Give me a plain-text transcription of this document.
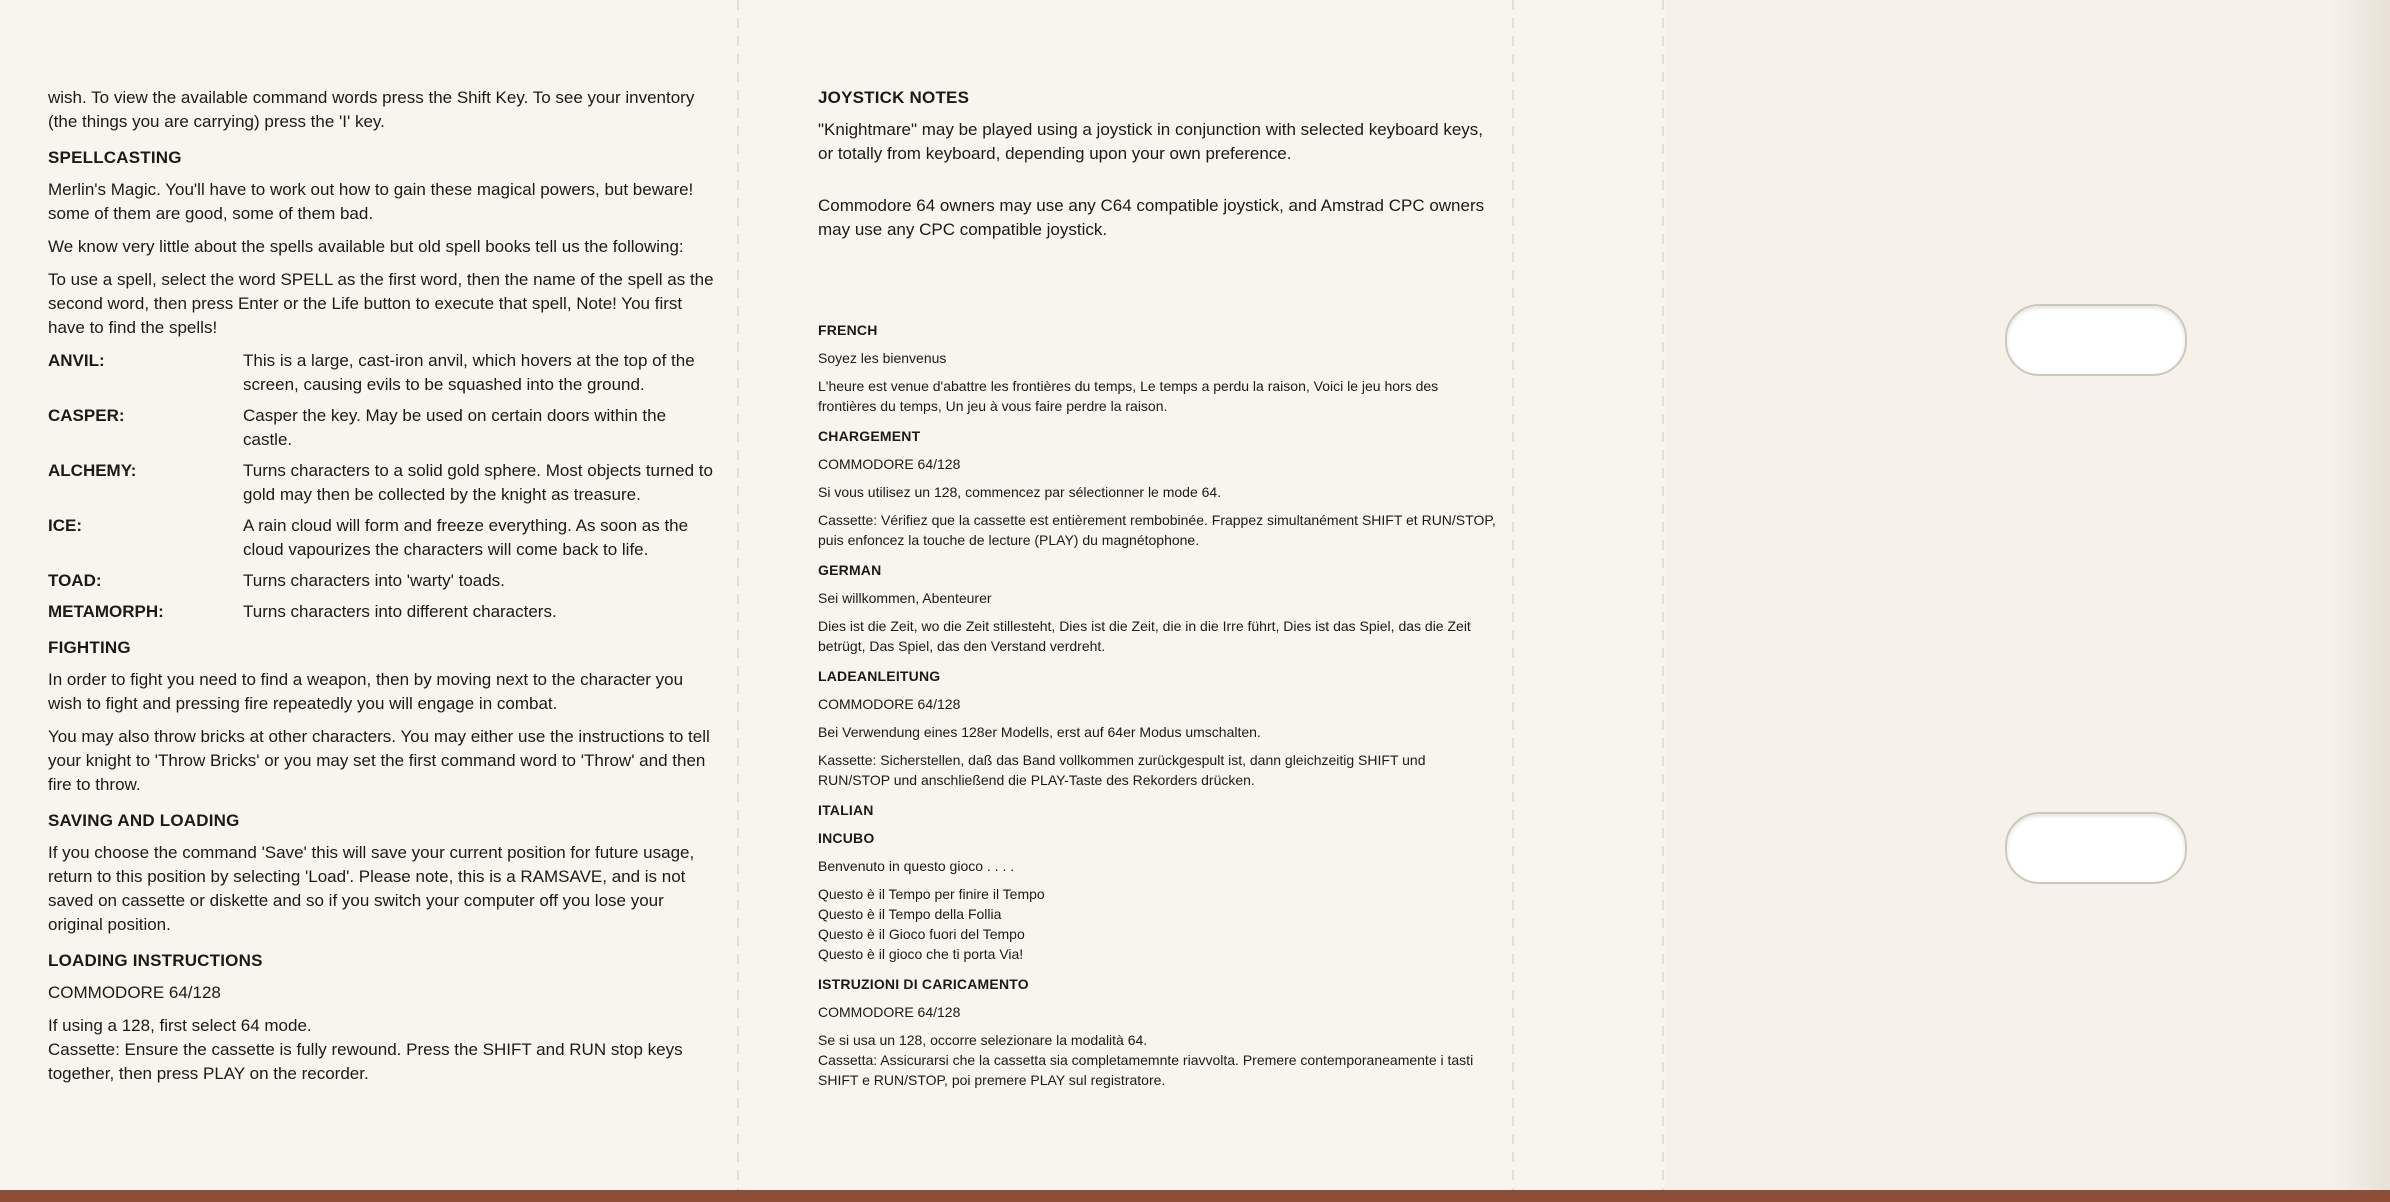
wish. To view the available command words press the Shift Key. To see your inventory (the things you are carrying) press the 'I' key.

SPELLCASTING

Merlin's Magic. You'll have to work out how to gain these magical powers, but beware! some of them are good, some of them bad.

We know very little about the spells available but old spell books tell us the following:

To use a spell, select the word SPELL as the first word, then the name of the spell as the second word, then press Enter or the Life button to execute that spell, Note! You first have to find the spells!

ANVIL:	This is a large, cast-iron anvil, which hovers at the top of the screen, causing evils to be squashed into the ground.
CASPER:	Casper the key. May be used on certain doors within the castle.
ALCHEMY:	Turns characters to a solid gold sphere. Most objects turned to gold may then be collected by the knight as treasure.
ICE:	A rain cloud will form and freeze everything. As soon as the cloud vapourizes the characters will come back to life.
TOAD:	Turns characters into 'warty' toads.
METAMORPH:	Turns characters into different characters.
FIGHTING

In order to fight you need to find a weapon, then by moving next to the character you wish to fight and pressing fire repeatedly you will engage in combat.

You may also throw bricks at other characters. You may either use the instructions to tell your knight to 'Throw Bricks' or you may set the first command word to 'Throw' and then fire to throw.

SAVING AND LOADING

If you choose the command 'Save' this will save your current position for future usage, return to this position by selecting 'Load'. Please note, this is a RAMSAVE, and is not saved on cassette or diskette and so if you switch your computer off you lose your original position.

LOADING INSTRUCTIONS

COMMODORE 64/128

If using a 128, first select 64 mode.
Cassette: Ensure the cassette is fully rewound. Press the SHIFT and RUN stop keys together, then press PLAY on the recorder.

JOYSTICK NOTES

"Knightmare" may be played using a joystick in conjunction with selected keyboard keys, or totally from keyboard, depending upon your own preference.

Commodore 64 owners may use any C64 compatible joystick, and Amstrad CPC owners may use any CPC compatible joystick.

FRENCH

Soyez les bienvenus

L'heure est venue d'abattre les frontières du temps, Le temps a perdu la raison, Voici le jeu hors des frontières du temps, Un jeu à vous faire perdre la raison.

CHARGEMENT

COMMODORE 64/128

Si vous utilisez un 128, commencez par sélectionner le mode 64.

Cassette: Vérifiez que la cassette est entièrement rembobinée. Frappez simultanément SHIFT et RUN/STOP, puis enfoncez la touche de lecture (PLAY) du magnétophone.

GERMAN

Sei willkommen, Abenteurer

Dies ist die Zeit, wo die Zeit stillesteht, Dies ist die Zeit, die in die Irre führt, Dies ist das Spiel, das die Zeit betrügt, Das Spiel, das den Verstand verdreht.

LADEANLEITUNG

COMMODORE 64/128

Bei Verwendung eines 128er Modells, erst auf 64er Modus umschalten.

Kassette: Sicherstellen, daß das Band vollkommen zurückgespult ist, dann gleichzeitig SHIFT und RUN/STOP und anschließend die PLAY-Taste des Rekorders drücken.

ITALIAN
INCUBO

Benvenuto in questo gioco . . . .

Questo è il Tempo per finire il Tempo
Questo è il Tempo della Follia
Questo è il Gioco fuori del Tempo
Questo è il gioco che ti porta Via!

ISTRUZIONI DI CARICAMENTO

COMMODORE 64/128

Se si usa un 128, occorre selezionare la modalità 64.
Cassetta: Assicurarsi che la cassetta sia completamemnte riavvolta. Premere contemporaneamente i tasti SHIFT e RUN/STOP, poi premere PLAY sul registratore.
